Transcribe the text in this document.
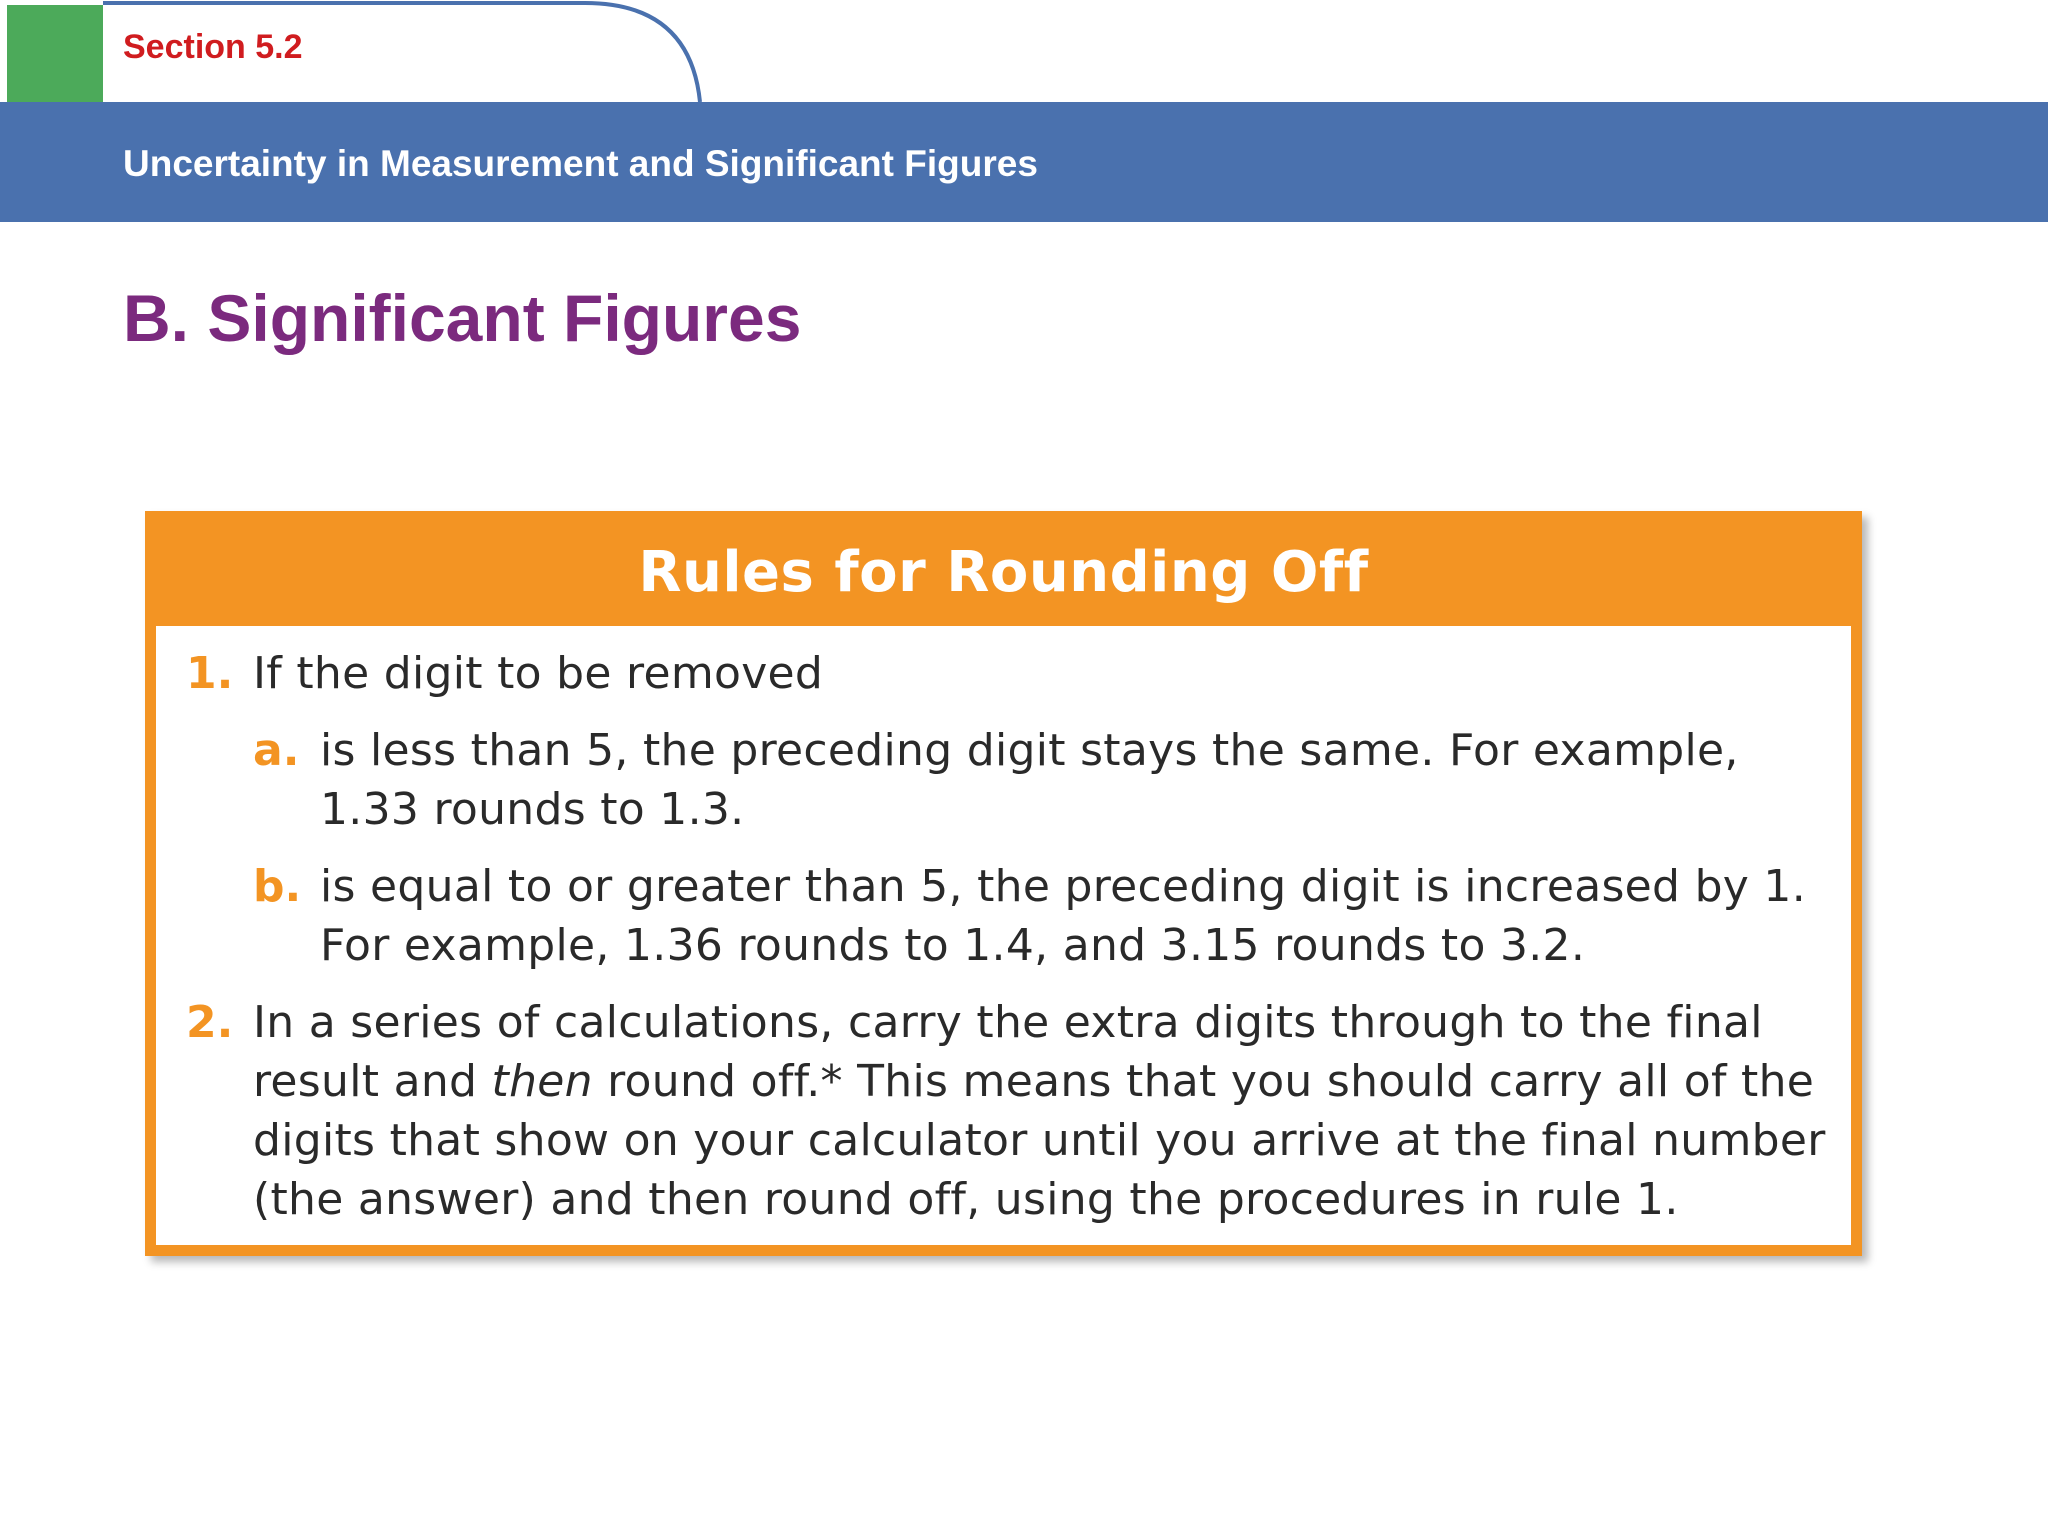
Section 5.2
Uncertainty in Measurement and Significant Figures
B. Significant Figures
Rules for Rounding Off
1. If the digit to be removed
a. is less than 5, the preceding digit stays the same. For example,
1.33 rounds to 1.3.
b. is equal to or greater than 5, the preceding digit is increased by 1.
For example, 1.36 rounds to 1.4, and 3.15 rounds to 3.2.
2. In a series of calculations, carry the extra digits through to the final
result and then round off.* This means that you should carry all of the
digits that show on your calculator until you arrive at the final number
(the answer) and then round off, using the procedures in rule 1.
